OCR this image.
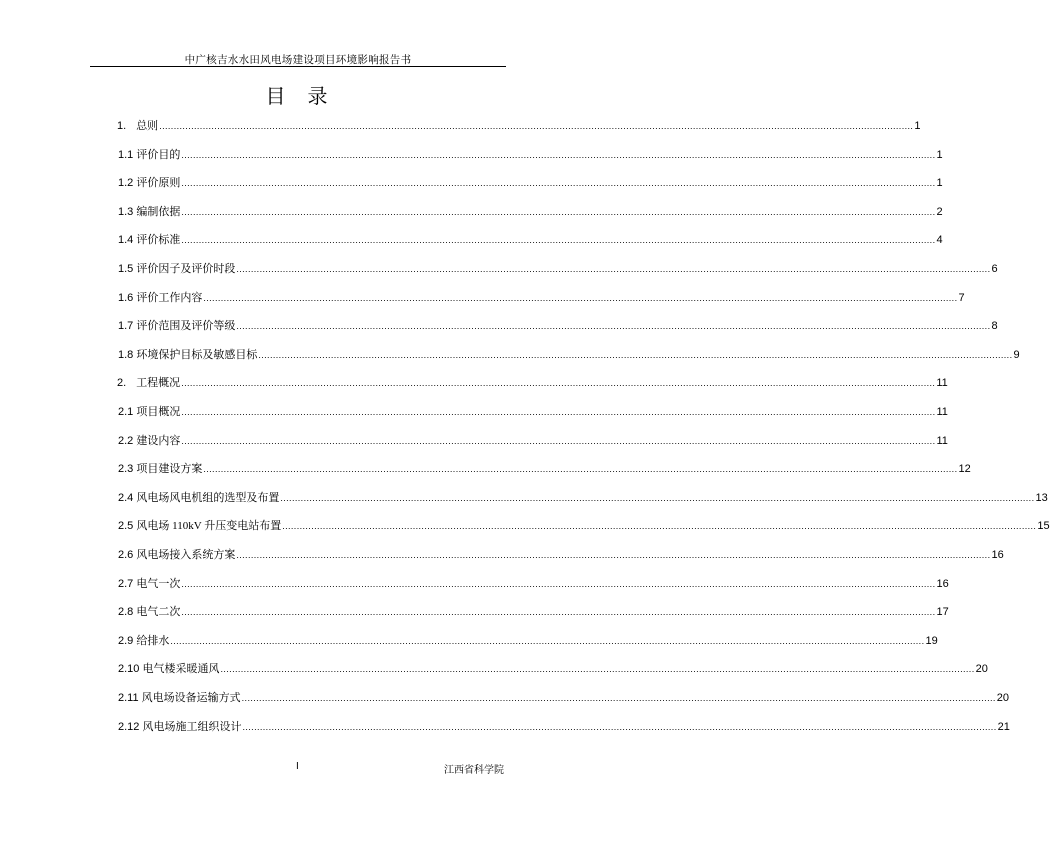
中广核吉水水田风电场建设项目环境影响报告书
目 录
1. 总则 .................................................................................................................................................................................................................................................................... 1
1.1 评价目的 .................................................................................................................................................................................................................................................................... 1
1.2 评价原则 .................................................................................................................................................................................................................................................................... 1
1.3 编制依据 .................................................................................................................................................................................................................................................................... 2
1.4 评价标准 .................................................................................................................................................................................................................................................................... 4
1.5 评价因子及评价时段 .................................................................................................................................................................................................................................................................... 6
1.6 评价工作内容 .................................................................................................................................................................................................................................................................... 7
1.7 评价范围及评价等级 .................................................................................................................................................................................................................................................................... 8
1.8 环境保护目标及敏感目标 .................................................................................................................................................................................................................................................................... 9
2. 工程概况 .................................................................................................................................................................................................................................................................... 11
2.1 项目概况 .................................................................................................................................................................................................................................................................... 11
2.2 建设内容 .................................................................................................................................................................................................................................................................... 11
2.3 项目建设方案 .................................................................................................................................................................................................................................................................... 12
2.4 风电场风电机组的选型及布置 .................................................................................................................................................................................................................................................................... 13
2.5 风电场 110kV 升压变电站布置 .................................................................................................................................................................................................................................................................... 15
2.6 风电场接入系统方案 .................................................................................................................................................................................................................................................................... 16
2.7 电气一次 .................................................................................................................................................................................................................................................................... 16
2.8 电气二次 .................................................................................................................................................................................................................................................................... 17
2.9 给排水 .................................................................................................................................................................................................................................................................... 19
2.10 电气楼采暖通风 .................................................................................................................................................................................................................................................................... 20
2.11 风电场设备运输方式 .................................................................................................................................................................................................................................................................... 20
2.12 风电场施工组织设计 .................................................................................................................................................................................................................................................................... 21
I	江西省科学院
